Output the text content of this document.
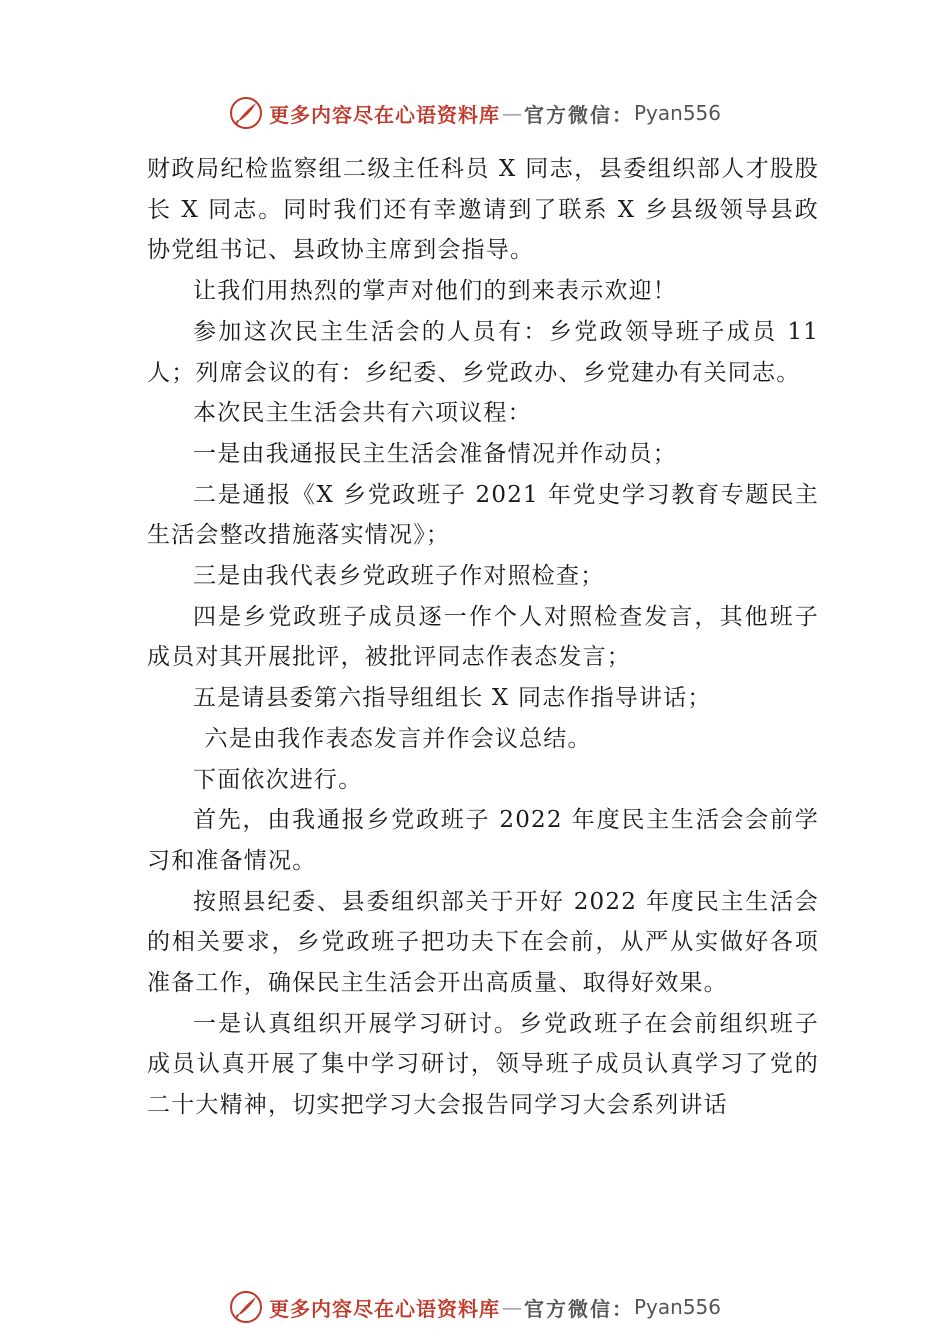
更多内容尽在心语资料库 — 官方微信： Pyan556

财政局纪检监察组二级主任科员 X 同志，县委组织部人才股股长 X 同志。同时我们还有幸邀请到了联系 X 乡县级领导县政协党组书记、县政协主席到会指导。

让我们用热烈的掌声对他们的到来表示欢迎！

参加这次民主生活会的人员有：乡党政领导班子成员 11 人；列席会议的有：乡纪委、乡党政办、乡党建办有关同志。

本次民主生活会共有六项议程：

一是由我通报民主生活会准备情况并作动员；

二是通报《X 乡党政班子 2021 年党史学习教育专题民主生活会整改措施落实情况》；

三是由我代表乡党政班子作对照检查；

四是乡党政班子成员逐一作个人对照检查发言，其他班子成员对其开展批评，被批评同志作表态发言；

五是请县委第六指导组组长 X 同志作指导讲话；

六是由我作表态发言并作会议总结。

下面依次进行。

首先，由我通报乡党政班子 2022 年度民主生活会会前学习和准备情况。

按照县纪委、县委组织部关于开好 2022 年度民主生活会的相关要求，乡党政班子把功夫下在会前，从严从实做好各项准备工作，确保民主生活会开出高质量、取得好效果。

一是认真组织开展学习研讨。乡党政班子在会前组织班子成员认真开展了集中学习研讨，领导班子成员认真学习了党的二十大精神，切实把学习大会报告同学习大会系列讲话

更多内容尽在心语资料库 — 官方微信： Pyan556
